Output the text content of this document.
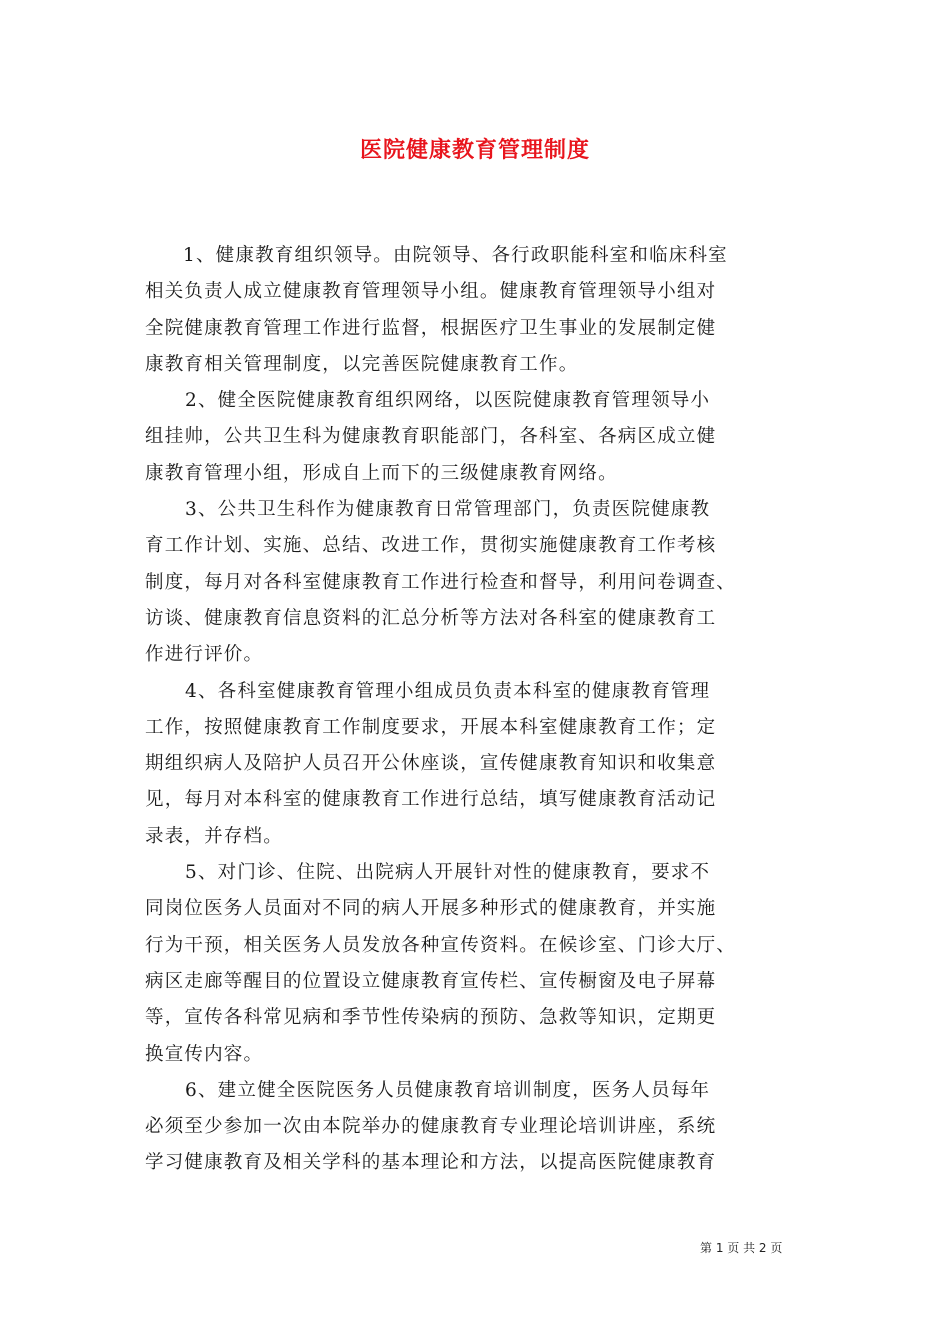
医院健康教育管理制度
1、健康教育组织领导。由院领导、各行政职能科室和临床科室
相关负责人成立健康教育管理领导小组。健康教育管理领导小组对
全院健康教育管理工作进行监督，根据医疗卫生事业的发展制定健
康教育相关管理制度，以完善医院健康教育工作。
2、健全医院健康教育组织网络，以医院健康教育管理领导小
组挂帅，公共卫生科为健康教育职能部门，各科室、各病区成立健
康教育管理小组，形成自上而下的三级健康教育网络。
3、公共卫生科作为健康教育日常管理部门，负责医院健康教
育工作计划、实施、总结、改进工作，贯彻实施健康教育工作考核
制度，每月对各科室健康教育工作进行检查和督导，利用问卷调查、
访谈、健康教育信息资料的汇总分析等方法对各科室的健康教育工
作进行评价。
4、各科室健康教育管理小组成员负责本科室的健康教育管理
工作，按照健康教育工作制度要求，开展本科室健康教育工作；定
期组织病人及陪护人员召开公休座谈，宣传健康教育知识和收集意
见，每月对本科室的健康教育工作进行总结，填写健康教育活动记
录表，并存档。
5、对门诊、住院、出院病人开展针对性的健康教育，要求不
同岗位医务人员面对不同的病人开展多种形式的健康教育，并实施
行为干预，相关医务人员发放各种宣传资料。在候诊室、门诊大厅、
病区走廊等醒目的位置设立健康教育宣传栏、宣传橱窗及电子屏幕
等，宣传各科常见病和季节性传染病的预防、急救等知识，定期更
换宣传内容。
6、建立健全医院医务人员健康教育培训制度，医务人员每年
必须至少参加一次由本院举办的健康教育专业理论培训讲座，系统
学习健康教育及相关学科的基本理论和方法，以提高医院健康教育
第 1 页 共 2 页
